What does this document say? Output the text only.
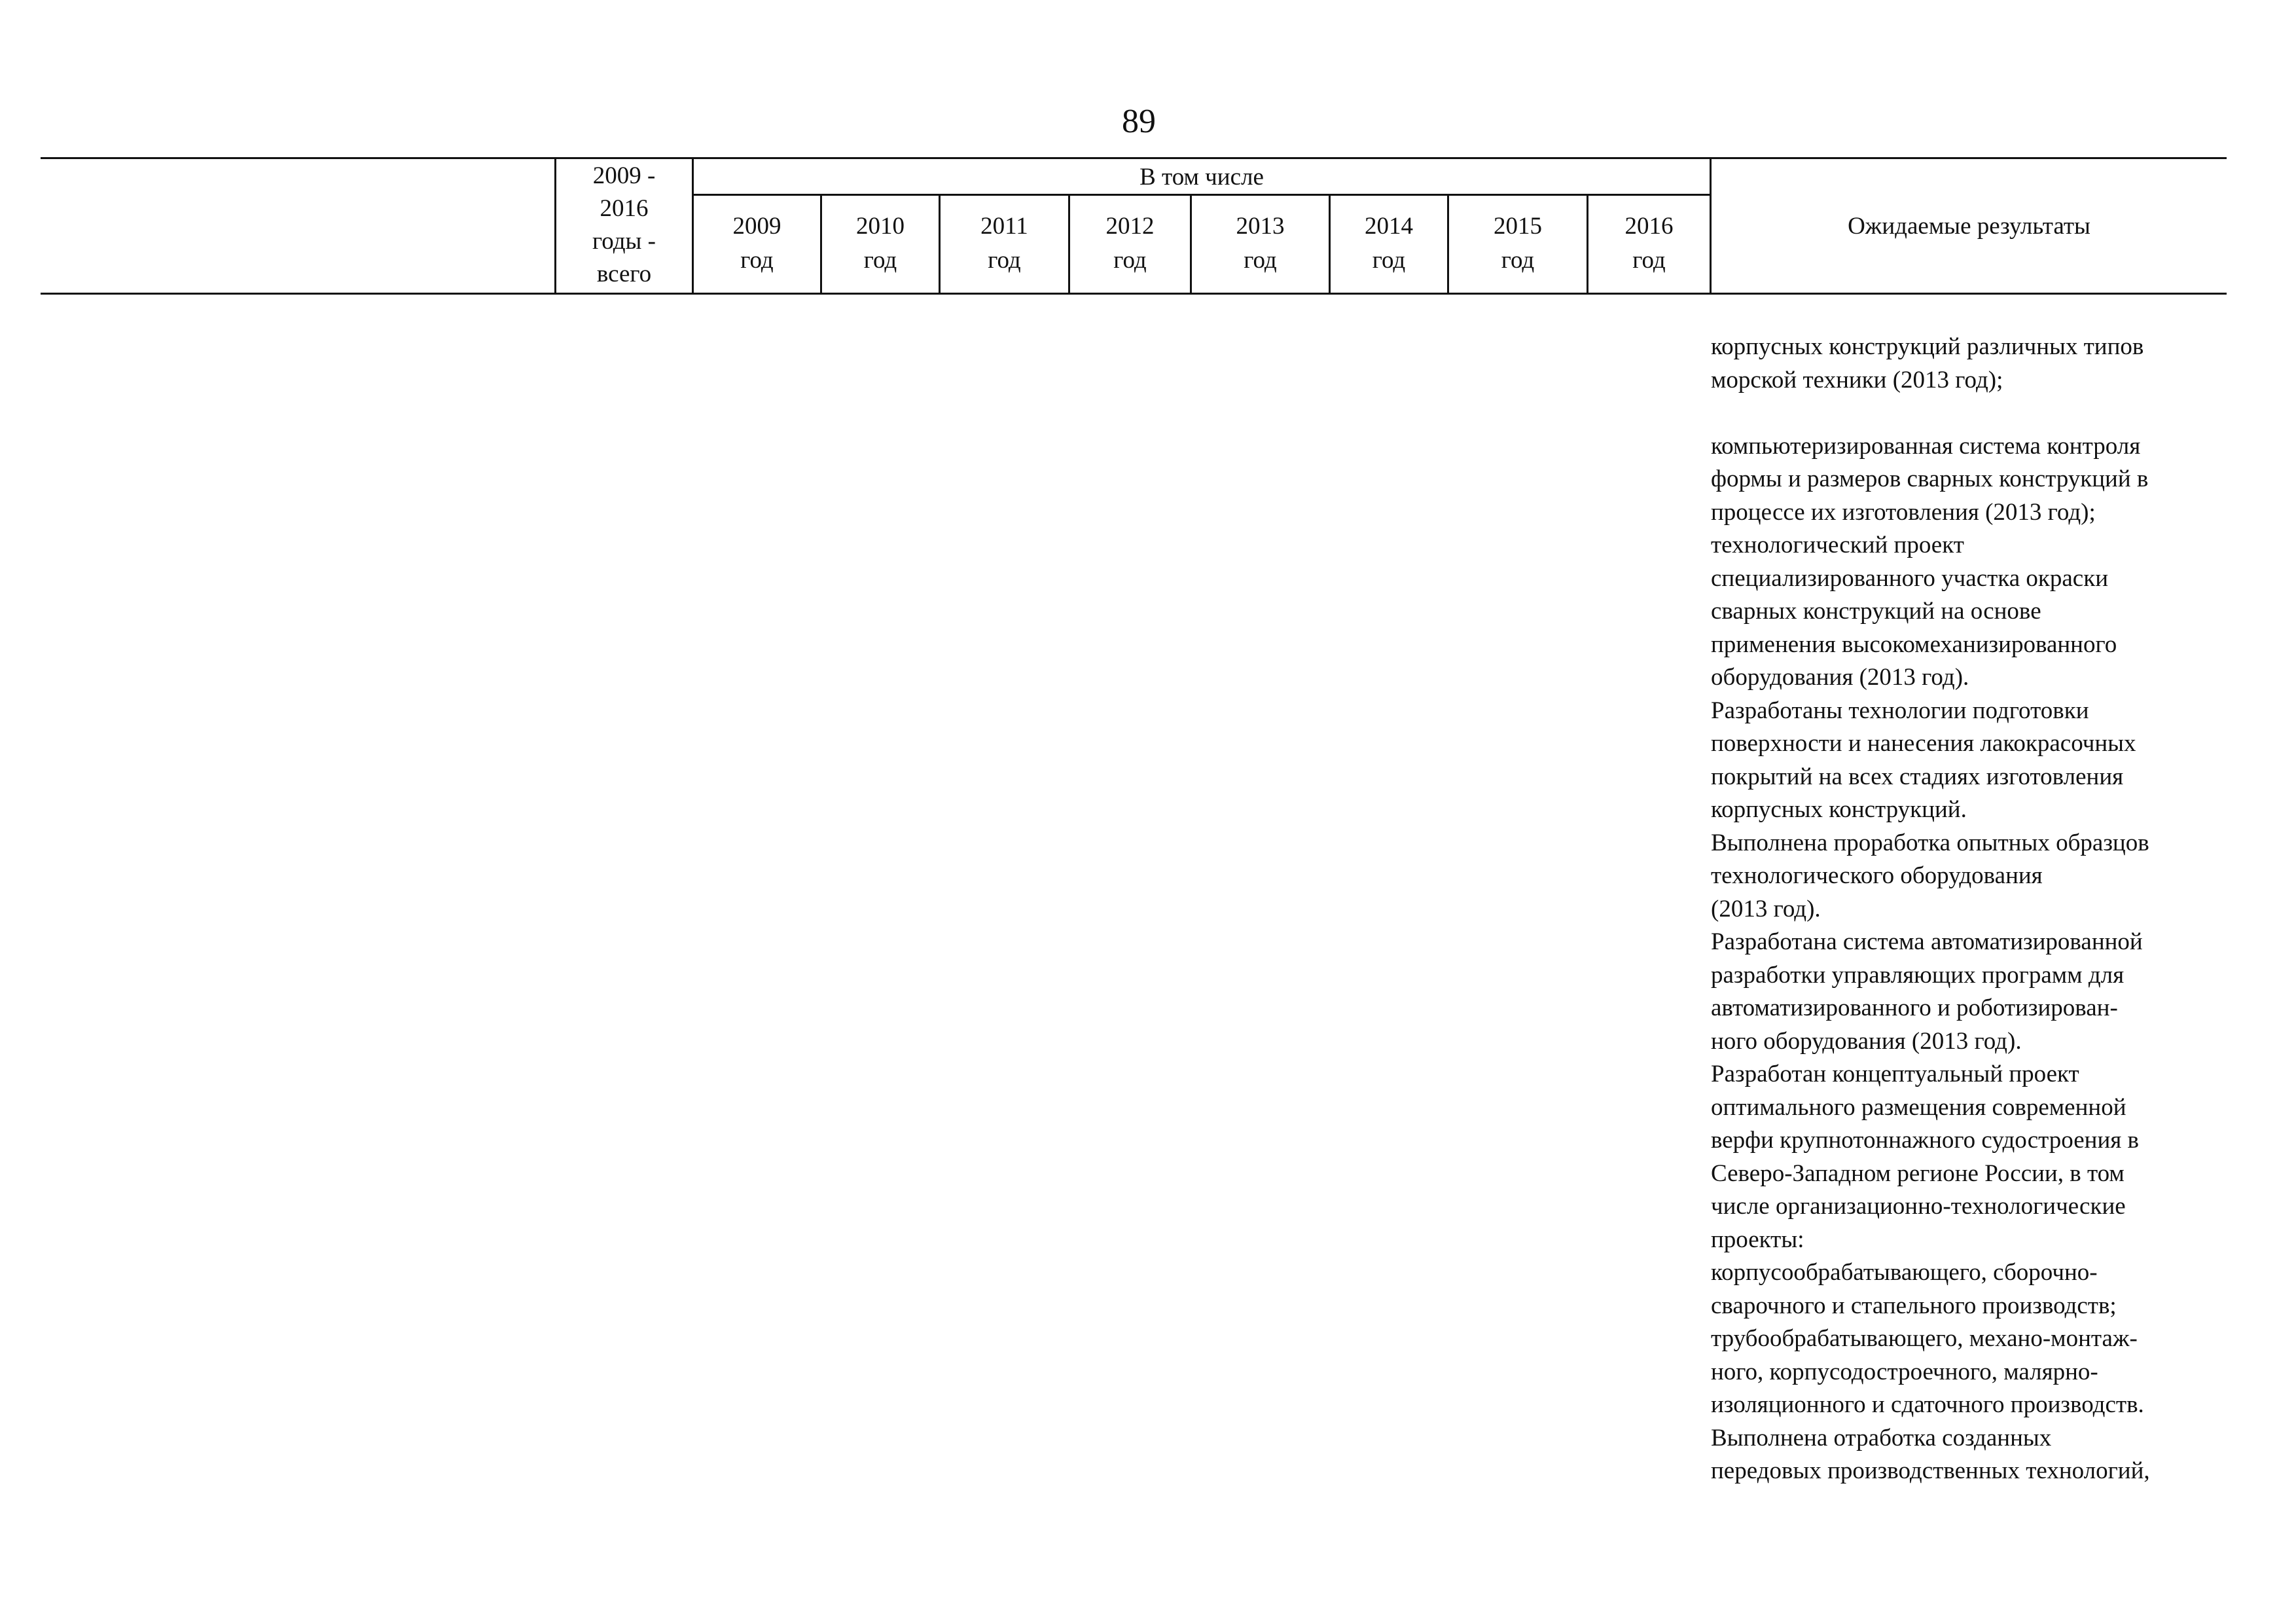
89
2009 -
2016
годы -
всего
В том числе
2009
год
2010
год
2011
год
2012
год
2013
год
2014
год
2015
год
2016
год
Ожидаемые результаты
корпусных конструкций различных типов
морской техники (2013 год);
компьютеризированная система контроля
формы и размеров сварных конструкций в
процессе их изготовления (2013 год);
технологический проект
специализированного участка окраски
сварных конструкций на основе
применения высокомеханизированного
оборудования (2013 год).
Разработаны технологии подготовки
поверхности и нанесения лакокрасочных
покрытий на всех стадиях изготовления
корпусных конструкций.
Выполнена проработка опытных образцов
технологического оборудования
(2013 год).
Разработана система автоматизированной
разработки управляющих программ для
автоматизированного и роботизирован-
ного оборудования (2013 год).
Разработан концептуальный проект
оптимального размещения современной
верфи крупнотоннажного судостроения в
Северо-Западном регионе России, в том
числе организационно-технологические
проекты:
корпусообрабатывающего, сборочно-
сварочного и стапельного производств;
трубообрабатывающего, механо-монтаж-
ного, корпусодостроечного, малярно-
изоляционного и сдаточного производств.
Выполнена отработка созданных
передовых производственных технологий,
